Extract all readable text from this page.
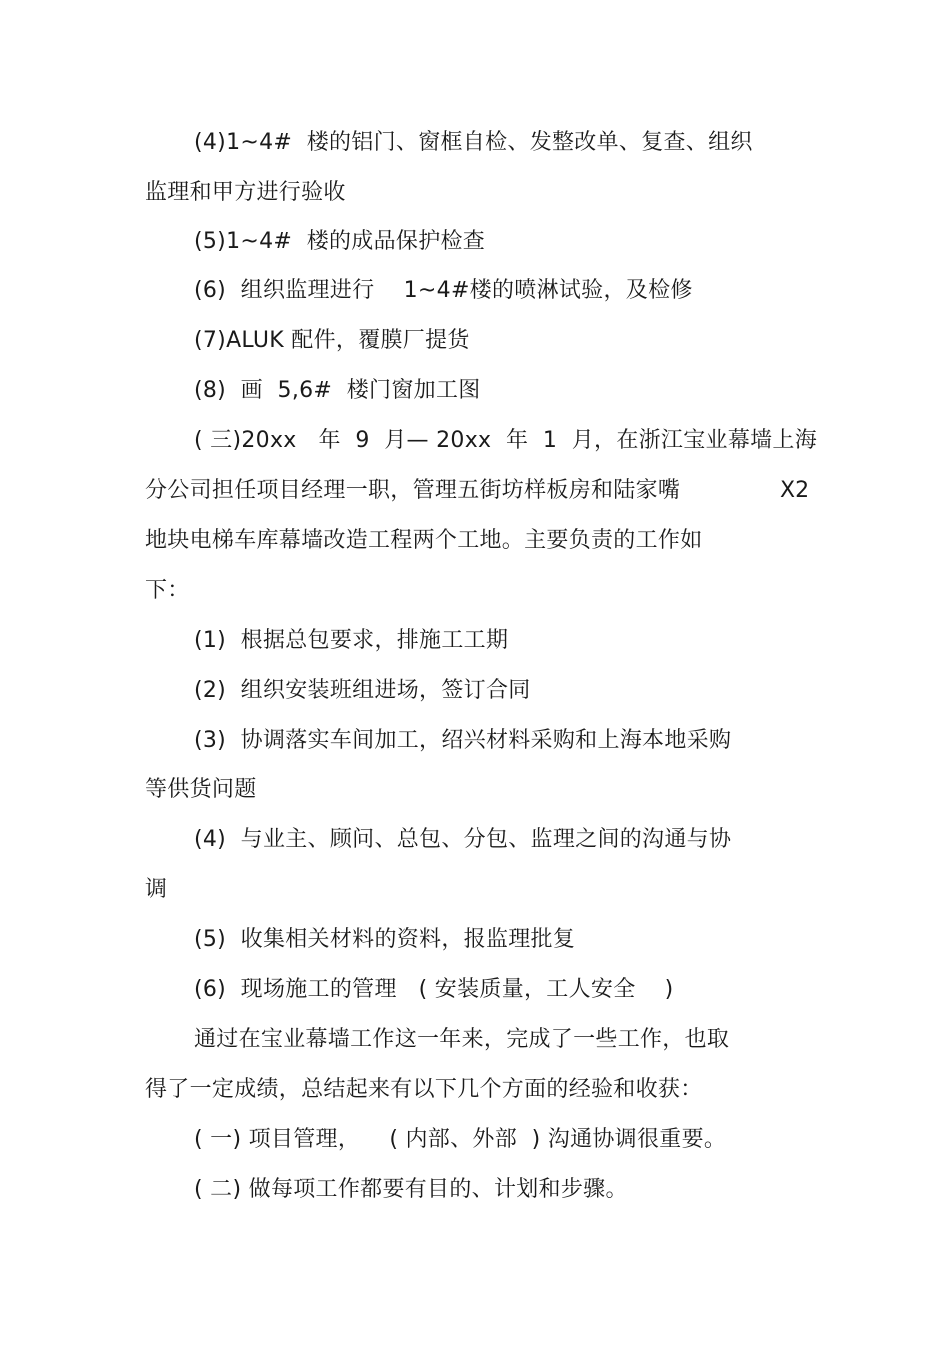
(4)1~4#  楼的铝门、窗框自检、发整改单、复查、组织
监理和甲方进行验收
(5)1~4#  楼的成品保护检查
(6)  组织监理进行    1~4#楼的喷淋试验，及检修
(7)ALUK 配件，覆膜厂提货
(8)  画  5,6#  楼门窗加工图
( 三)20xx   年  9  月— 20xx  年  1  月，在浙江宝业幕墙上海
分公司担任项目经理一职，管理五街坊样板房和陆家嘴	X2
地块电梯车库幕墙改造工程两个工地。主要负责的工作如
下：
(1)  根据总包要求，排施工工期
(2)  组织安装班组进场，签订合同
(3)  协调落实车间加工，绍兴材料采购和上海本地采购
等供货问题
(4)  与业主、顾问、总包、分包、监理之间的沟通与协
调
(5)  收集相关材料的资料，报监理批复
(6)  现场施工的管理   ( 安装质量，工人安全    )
通过在宝业幕墙工作这一年来，完成了一些工作，也取
得了一定成绩，总结起来有以下几个方面的经验和收获：
( 一) 项目管理，    ( 内部、外部  ) 沟通协调很重要。
( 二) 做每项工作都要有目的、计划和步骤。
